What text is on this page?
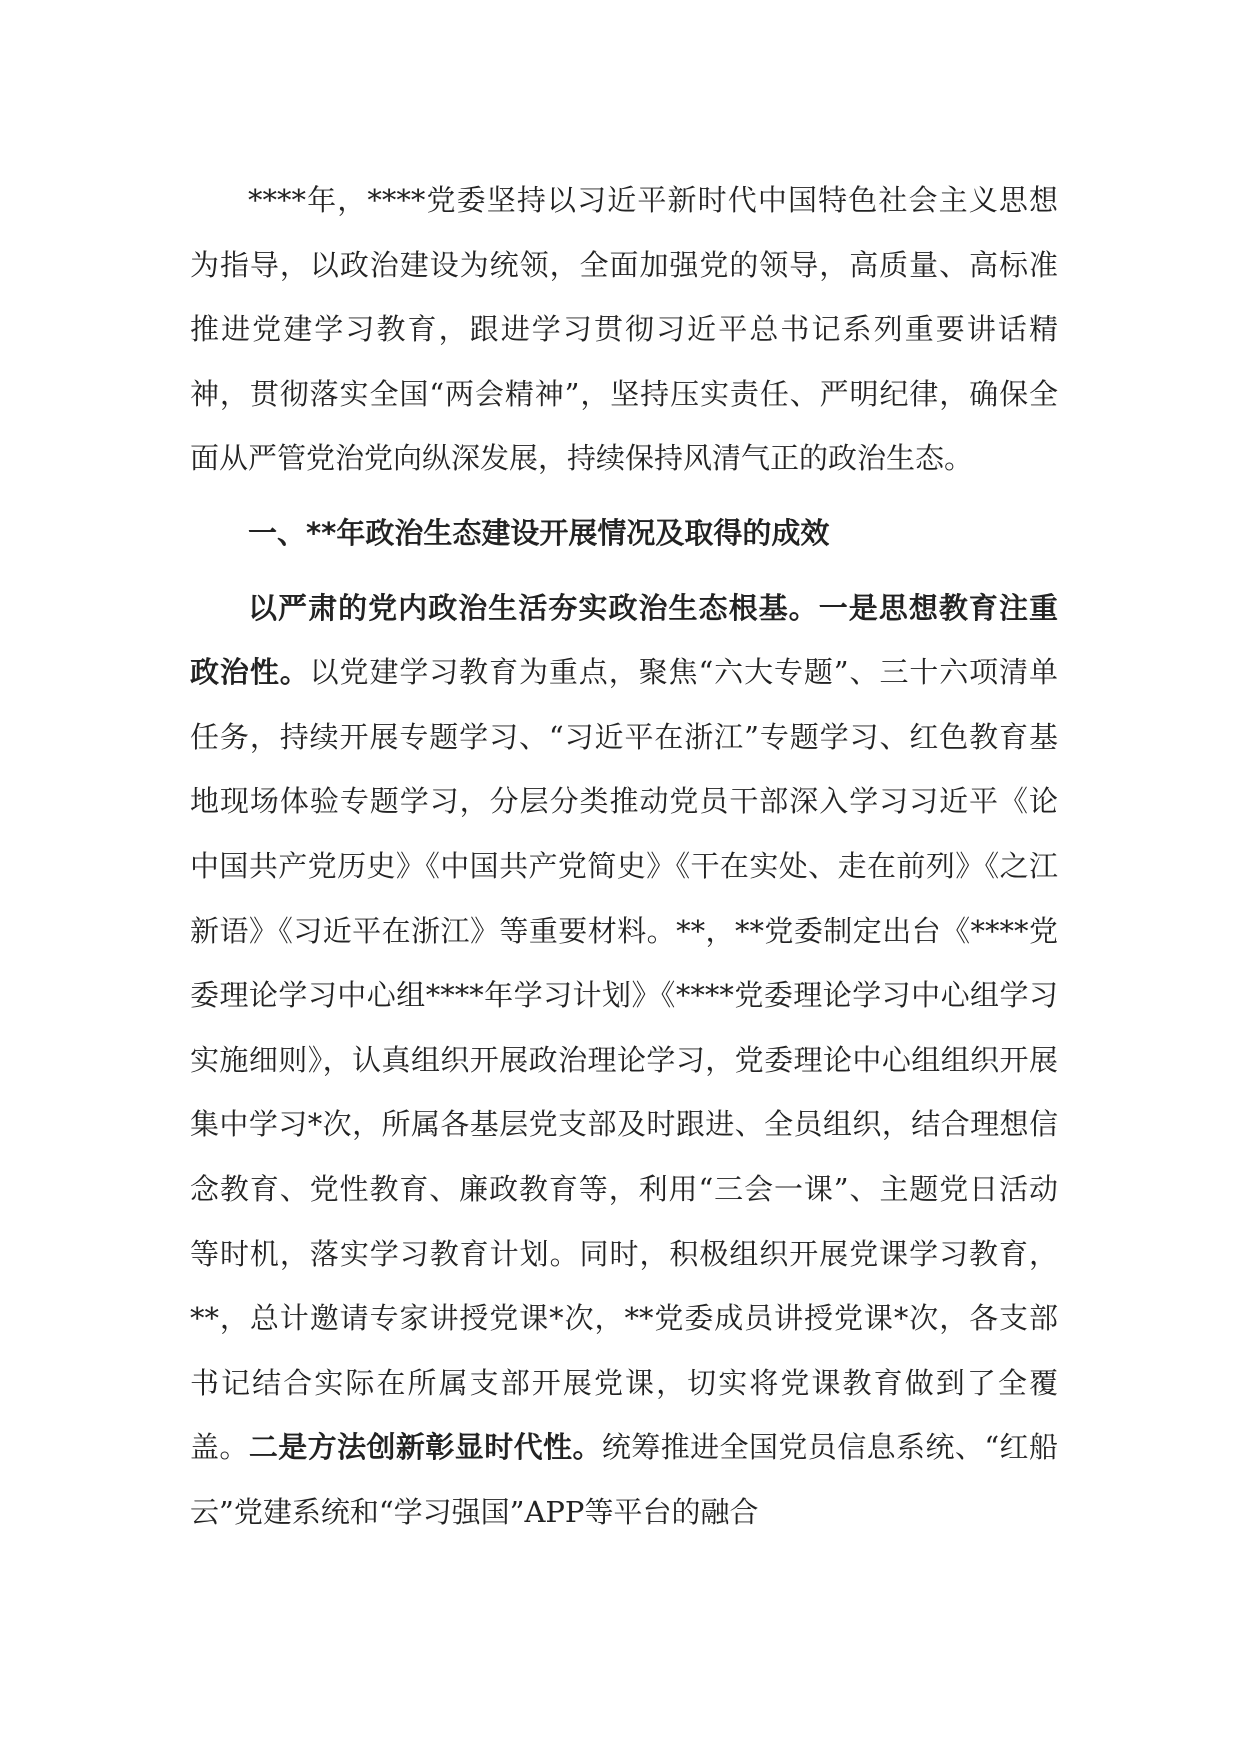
****年，****党委坚持以习近平新时代中国特色社会主义思想为指导，以政治建设为统领，全面加强党的领导，高质量、高标准推进党建学习教育，跟进学习贯彻习近平总书记系列重要讲话精神，贯彻落实全国“两会精神”，坚持压实责任、严明纪律，确保全面从严管党治党向纵深发展，持续保持风清气正的政治生态。

一、**年政治生态建设开展情况及取得的成效

以严肃的党内政治生活夯实政治生态根基。一是思想教育注重政治性。以党建学习教育为重点，聚焦“六大专题”、三十六项清单任务，持续开展专题学习、“习近平在浙江”专题学习、红色教育基地现场体验专题学习，分层分类推动党员干部深入学习习近平《论中国共产党历史》《中国共产党简史》《干在实处、走在前列》《之江新语》《习近平在浙江》等重要材料。**，**党委制定出台《****党委理论学习中心组****年学习计划》《****党委理论学习中心组学习实施细则》，认真组织开展政治理论学习，党委理论中心组组织开展集中学习*次，所属各基层党支部及时跟进、全员组织，结合理想信念教育、党性教育、廉政教育等，利用“三会一课”、主题党日活动等时机，落实学习教育计划。同时，积极组织开展党课学习教育，**，总计邀请专家讲授党课*次，**党委成员讲授党课*次，各支部书记结合实际在所属支部开展党课，切实将党课教育做到了全覆盖。二是方法创新彰显时代性。统筹推进全国党员信息系统、“红船云”党建系统和“学习强国”APP等平台的融合
